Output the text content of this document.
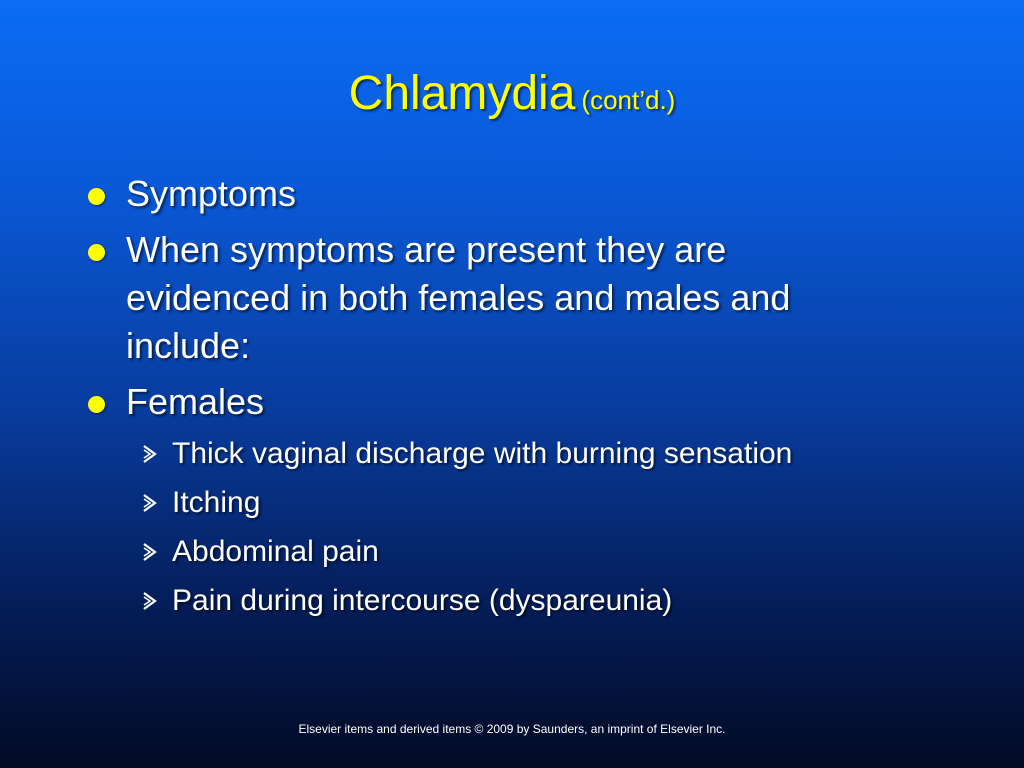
Chlamydia (cont’d.)
Symptoms
When symptoms are present they are evidenced in both females and males and include:
Females
Thick vaginal discharge with burning sensation
Itching
Abdominal pain
Pain during intercourse (dyspareunia)
Elsevier items and derived items © 2009 by Saunders, an imprint of Elsevier Inc.
